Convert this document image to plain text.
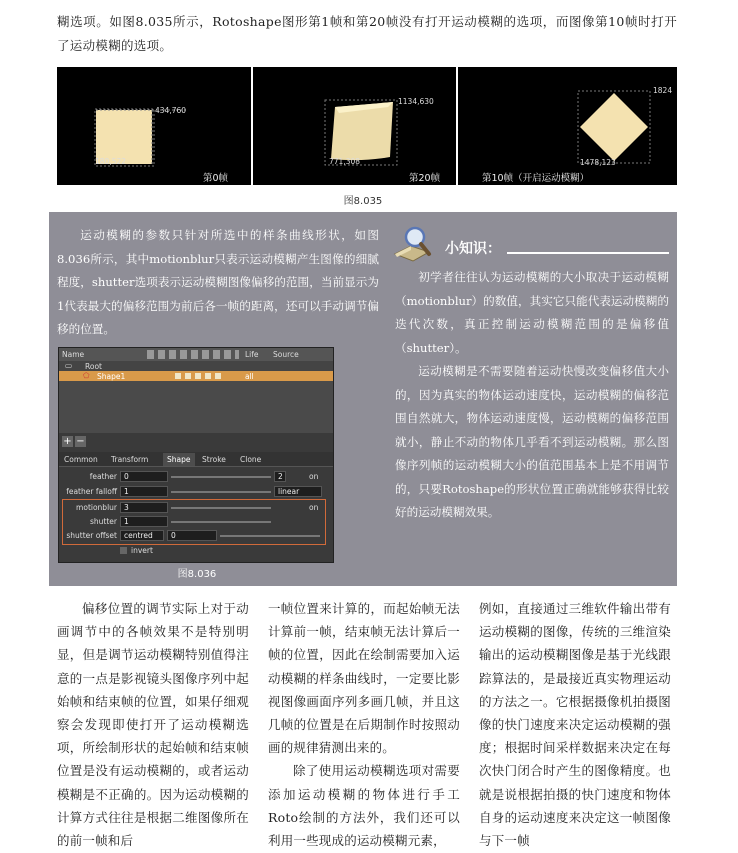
糊选项。如图8.035所示，Rotoshape图形第1帧和第20帧没有打开运动模糊的选项，而图像第10帧时打开了运动模糊的选项。
434,760
180,522
第0帧
1134,630
771,308
第20帧
1824
1478,123
第10帧（开启运动模糊）
图8.035
运动模糊的参数只针对所选中的样条曲线形状，如图8.036所示，其中motionblur只表示运动模糊产生图像的细腻程度，shutter选项表示运动模糊图像偏移的范围，当前显示为1代表最大的偏移范围为前后各一帧的距离，还可以手动调节偏移的位置。
小知识：
初学者往往认为运动模糊的大小取决于运动模糊（motionblur）的数值，其实它只能代表运动模糊的迭代次数，真正控制运动模糊范围的是偏移值（shutter）。
运动模糊是不需要随着运动快慢改变偏移值大小的，因为真实的物体运动速度快，运动模糊的偏移范围自然就大，物体运动速度慢，运动模糊的偏移范围就小，静止不动的物体几乎看不到运动模糊。那么图像序列帧的运动模糊大小的值范围基本上是不用调节的，只要Rotoshape的形状位置正确就能够获得比较好的运动模糊效果。
Name	Life Source
▭ Root
⬠ Shape1	all
+ −
Common Transform	Shape	Stroke Clone
feather 0	2	on
feather falloff 1	linear
motionblur 3	on
shutter 1
shutter offset centred	0
invert
图8.036

偏移位置的调节实际上对于动画调节中的各帧效果不是特别明显，但是调节运动模糊特别值得注意的一点是影视镜头图像序列中起始帧和结束帧的位置，如果仔细观察会发现即使打开了运动模糊选项，所绘制形状的起始帧和结束帧位置是没有运动模糊的，或者运动模糊是不正确的。因为运动模糊的计算方式往往是根据二维图像所在的前一帧和后

一帧位置来计算的，而起始帧无法计算前一帧，结束帧无法计算后一帧的位置，因此在绘制需要加入运动模糊的样条曲线时，一定要比影视图像画面序列多画几帧，并且这几帧的位置是在后期制作时按照动画的规律猜测出来的。

除了使用运动模糊选项对需要添加运动模糊的物体进行手工Roto绘制的方法外，我们还可以利用一些现成的运动模糊元素，

例如，直接通过三维软件输出带有运动模糊的图像，传统的三维渲染输出的运动模糊图像是基于光线跟踪算法的，是最接近真实物理运动的方法之一。它根据摄像机拍摄图像的快门速度来决定运动模糊的强度；根据时间采样数据来决定在每次快门闭合时产生的图像精度。也就是说根据拍摄的快门速度和物体自身的运动速度来决定这一帧图像与下一帧
